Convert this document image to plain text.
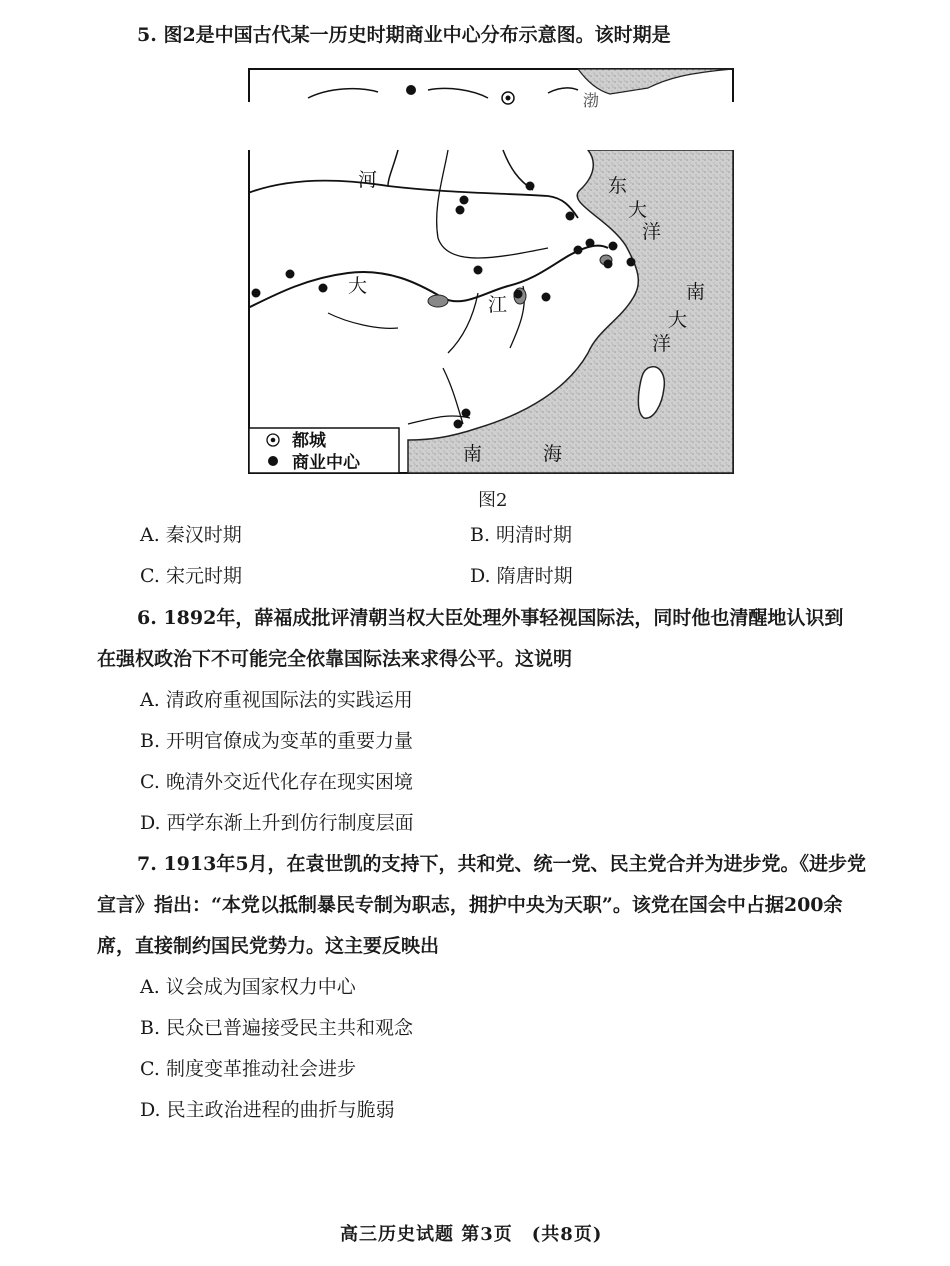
5. 图2是中国古代某一历史时期商业中心分布示意图。该时期是
河	东
大
洋
南
大
洋
大
江
南	海
渤
都城
商业中心
图2
A. 秦汉时期	B. 明清时期
C. 宋元时期	D. 隋唐时期
6. 1892年，薛福成批评清朝当权大臣处理外事轻视国际法，同时他也清醒地认识到
在强权政治下不可能完全依靠国际法来求得公平。这说明
A. 清政府重视国际法的实践运用
B. 开明官僚成为变革的重要力量
C. 晚清外交近代化存在现实困境
D. 西学东渐上升到仿行制度层面
7. 1913年5月，在袁世凯的支持下，共和党、统一党、民主党合并为进步党。《进步党
宣言》指出：“本党以抵制暴民专制为职志，拥护中央为天职”。该党在国会中占据200余
席，直接制约国民党势力。这主要反映出
A. 议会成为国家权力中心
B. 民众已普遍接受民主共和观念
C. 制度变革推动社会进步
D. 民主政治进程的曲折与脆弱
高三历史试题 第3页　(共8页)
